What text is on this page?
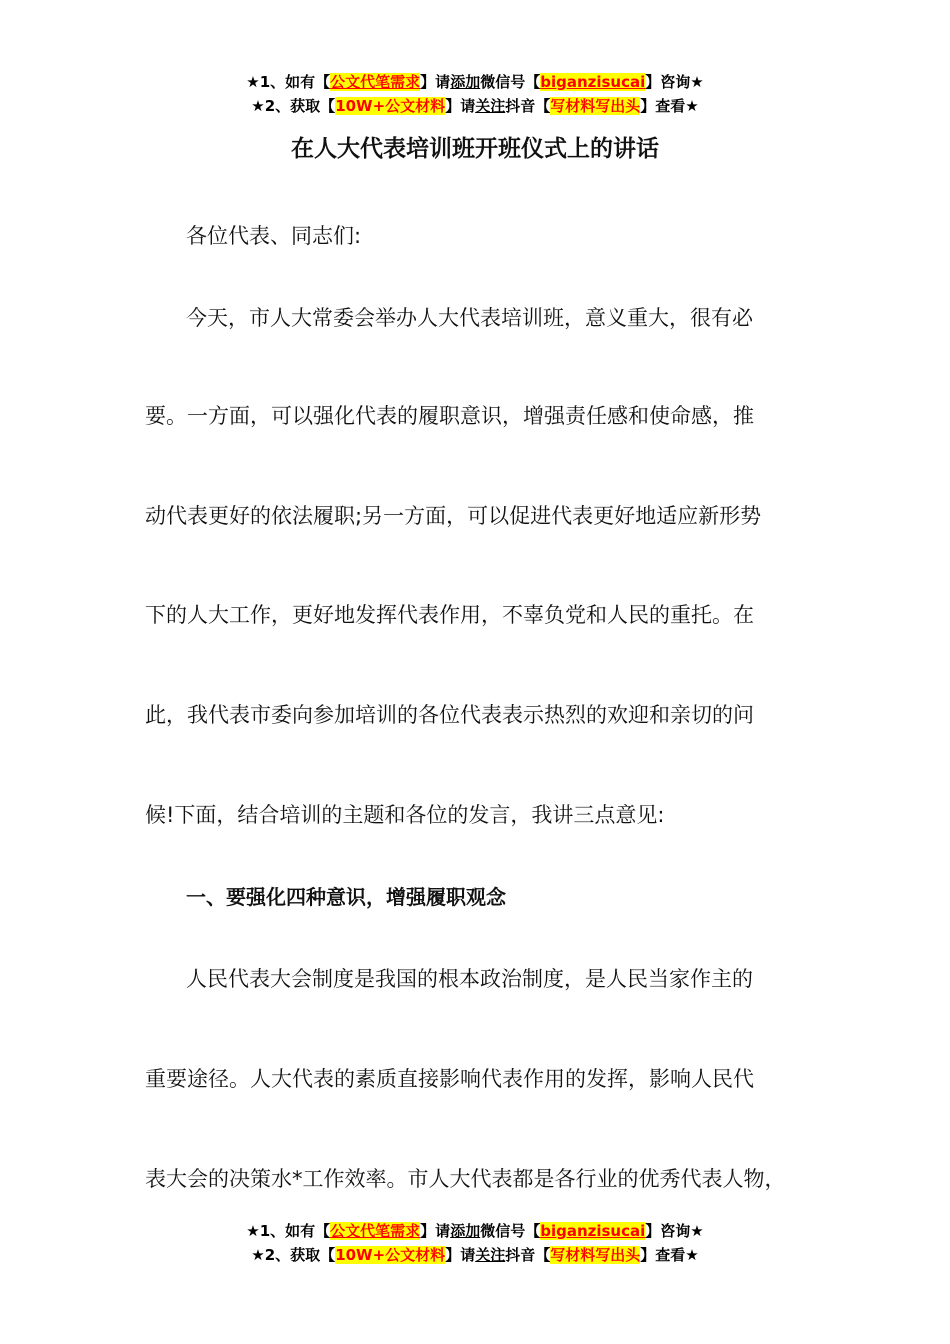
★1、如有【公文代笔需求】请添加微信号【biganzisucai】咨询★
★2、获取【10W+公文材料】请关注抖音【写材料写出头】查看★
在人大代表培训班开班仪式上的讲话
各位代表、同志们:
今天，市人大常委会举办人大代表培训班，意义重大，很有必
要。一方面，可以强化代表的履职意识，增强责任感和使命感，推
动代表更好的依法履职;另一方面，可以促进代表更好地适应新形势
下的人大工作，更好地发挥代表作用，不辜负党和人民的重托。在
此，我代表市委向参加培训的各位代表表示热烈的欢迎和亲切的问
候!下面，结合培训的主题和各位的发言，我讲三点意见:
一、要强化四种意识，增强履职观念
人民代表大会制度是我国的根本政治制度，是人民当家作主的
重要途径。人大代表的素质直接影响代表作用的发挥，影响人民代
表大会的决策水*工作效率。市人大代表都是各行业的优秀代表人物，
★1、如有【公文代笔需求】请添加微信号【biganzisucai】咨询★
★2、获取【10W+公文材料】请关注抖音【写材料写出头】查看★
